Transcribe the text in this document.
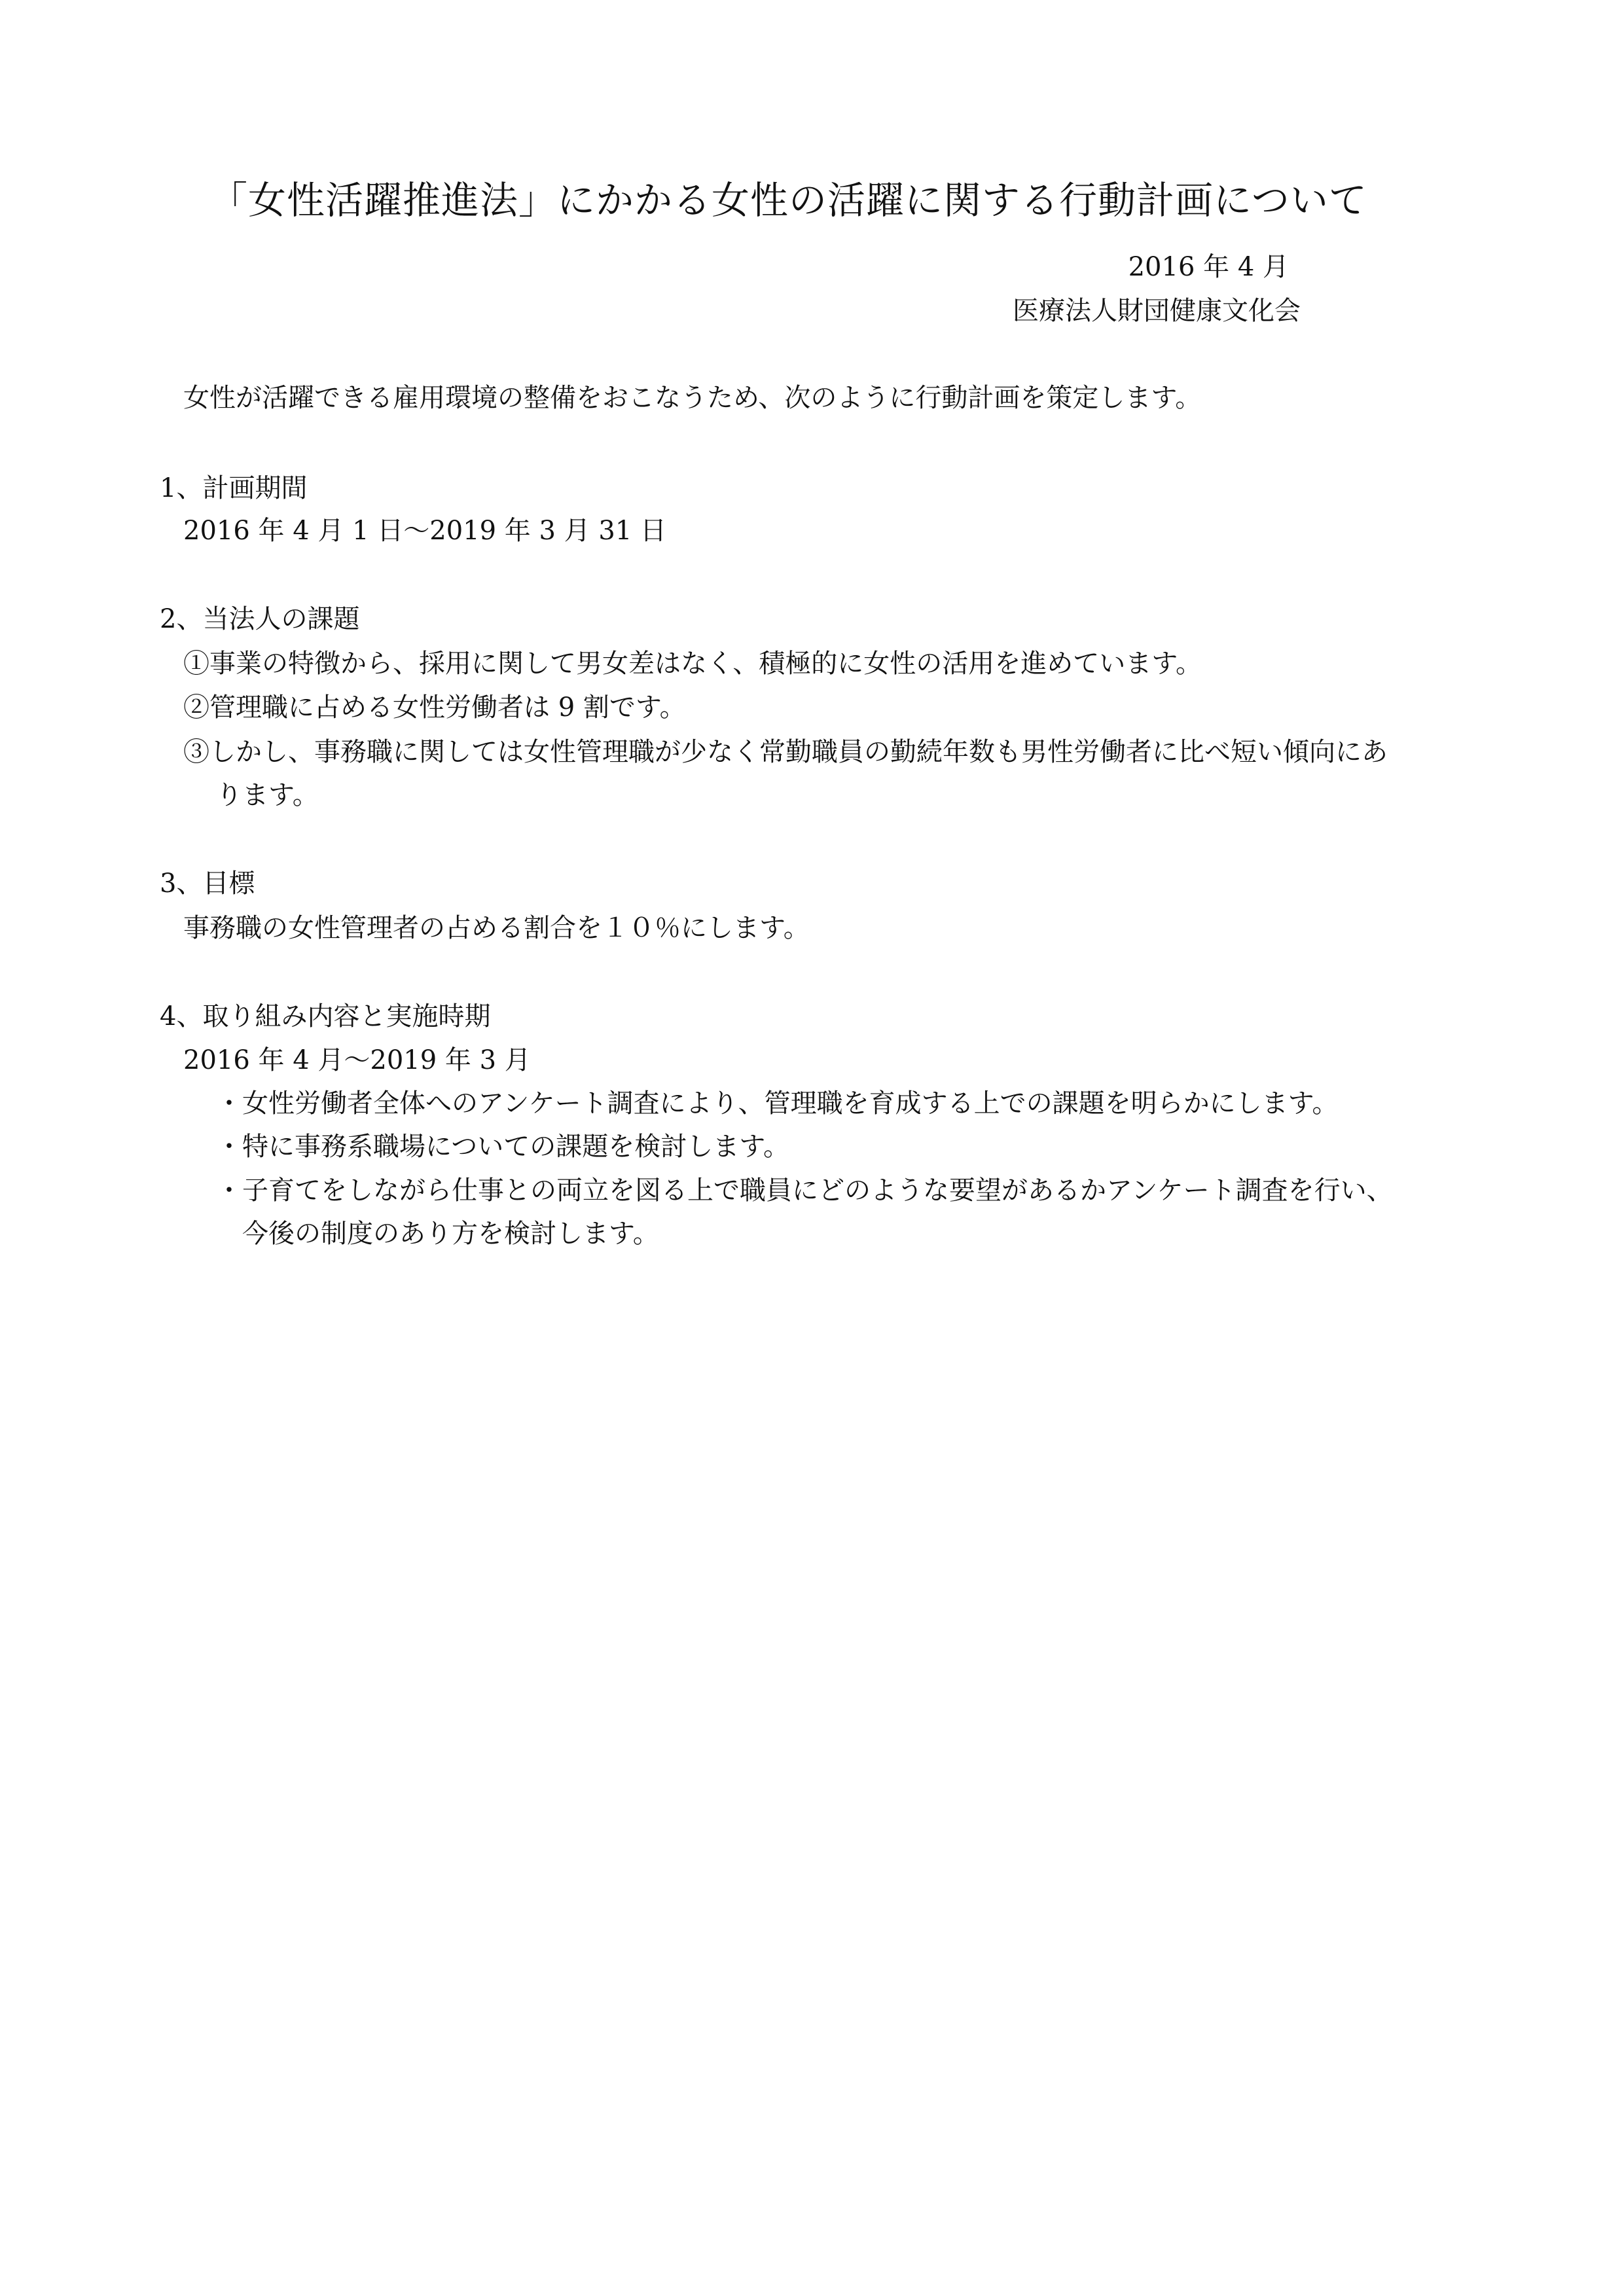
「女性活躍推進法」にかかる女性の活躍に関する行動計画について
2016 年 4 月
医療法人財団健康文化会

女性が活躍できる雇用環境の整備をおこなうため、次のように行動計画を策定します。

1、計画期間
2016 年 4 月 1 日～2019 年 3 月 31 日
2、当法人の課題
①事業の特徴から、採用に関して男女差はなく、積極的に女性の活用を進めています。
②管理職に占める女性労働者は 9 割です。
③しかし、事務職に関しては女性管理職が少なく常勤職員の勤続年数も男性労働者に比べ短い傾向にあ
ります。
3、目標
事務職の女性管理者の占める割合を１０％にします。
4、取り組み内容と実施時期
2016 年 4 月～2019 年 3 月
・女性労働者全体へのアンケート調査により、管理職を育成する上での課題を明らかにします。
・特に事務系職場についての課題を検討します。
・子育てをしながら仕事との両立を図る上で職員にどのような要望があるかアンケート調査を行い、
今後の制度のあり方を検討します。
